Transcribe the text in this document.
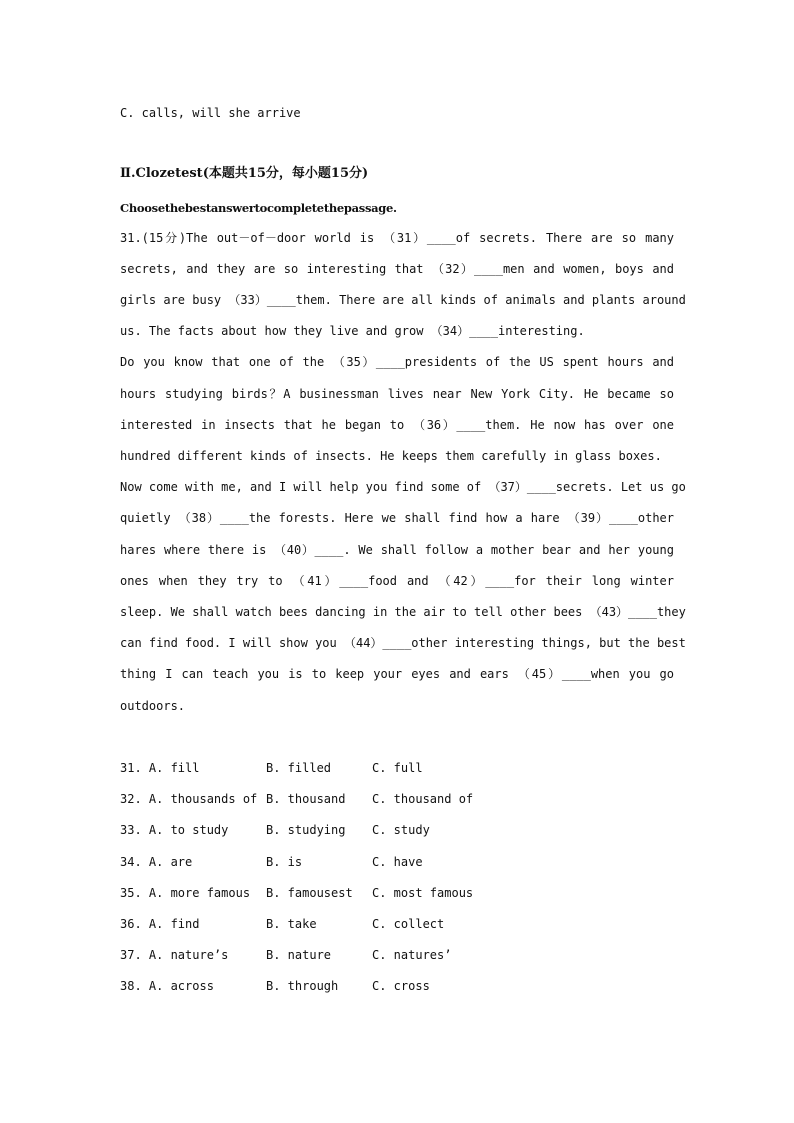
C. calls, will she arrive
Ⅱ.Clozetest(本题共15分，每小题15分)
Choosethebestanswertocompletethepassage.
31.(15分)The out－of－door world is （31）____of secrets. There are so many
secrets, and they are so interesting that （32）____men and women, boys and
girls are busy （33）____them. There are all kinds of animals and plants around
us. The facts about how they live and grow （34）____interesting.
Do you know that one of the （35）____presidents of the US spent hours and
hours studying birds？A businessman lives near New York City. He became so
interested in insects that he began to （36）____them. He now has over one
hundred different kinds of insects. He keeps them carefully in glass boxes.
Now come with me, and I will help you find some of （37）____secrets. Let us go
quietly （38）____the forests. Here we shall find how a hare （39）____other
hares where there is （40）____. We shall follow a mother bear and her young
ones when they try to （41）____food and （42）____for their long winter
sleep. We shall watch bees dancing in the air to tell other bees （43）____they
can find food. I will show you （44）____other interesting things, but the best
thing I can teach you is to keep your eyes and ears （45）____when you go
outdoors.
31. A. fill	B. filled	C. full
32. A. thousands of B. thousand C. thousand of
33. A. to study	B. studying C. study
34. A. are	B. is	C. have
35. A. more famous B. famousest C. most famous
36. A. find	B. take	C. collect
37. A. nature’s	B. nature	C. natures’
38. A. across	B. through	C. cross
